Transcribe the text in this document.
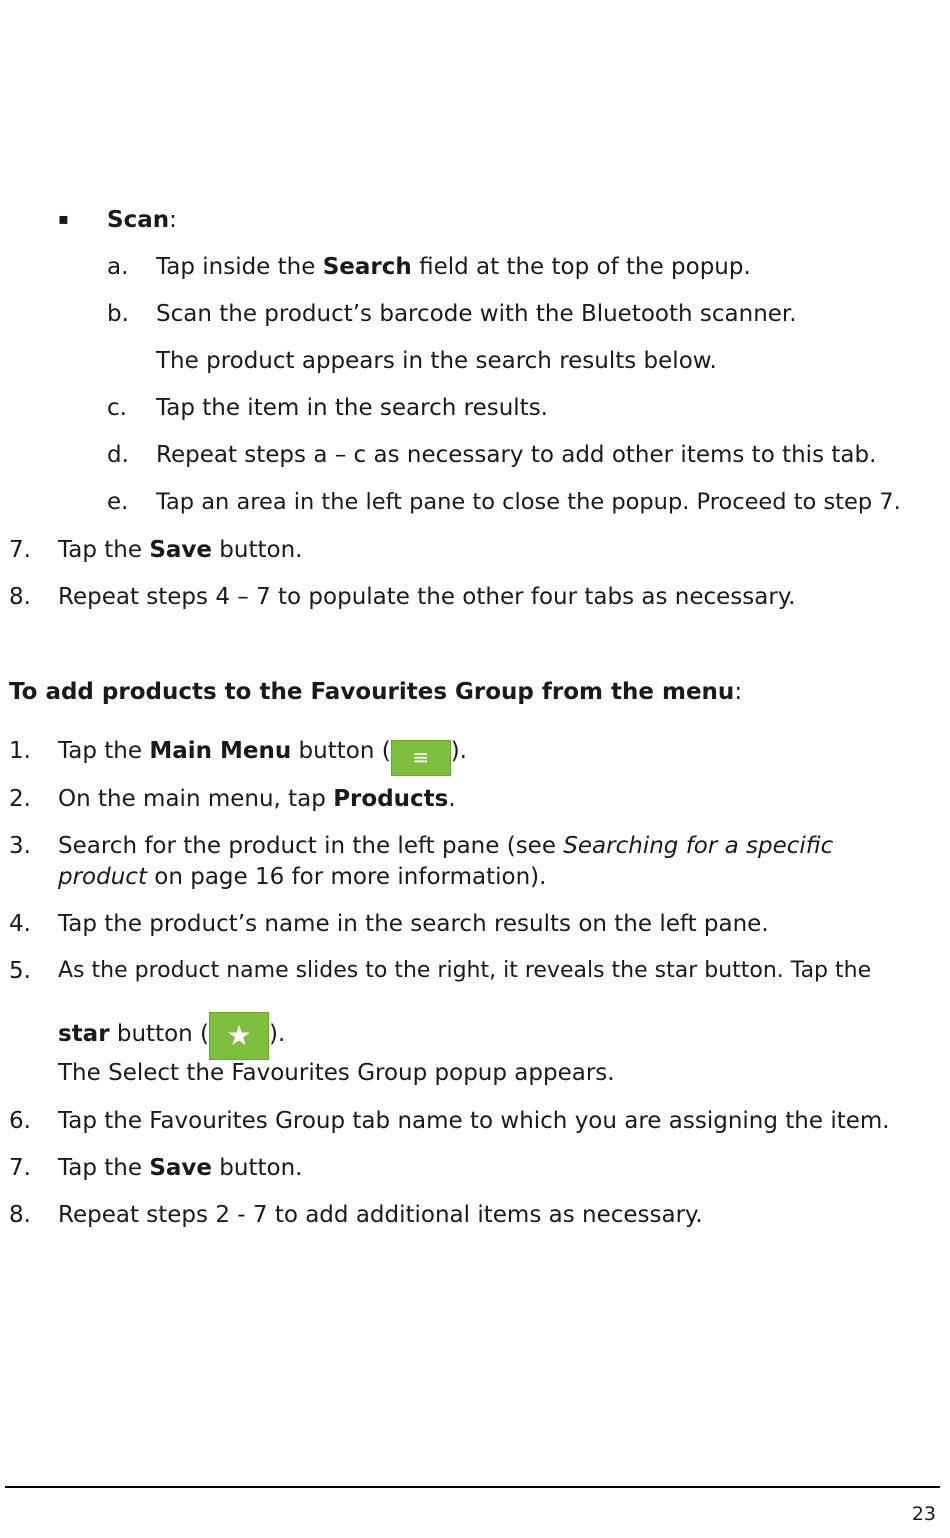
▪ Scan:
a. Tap inside the Search field at the top of the popup.
b. Scan the product’s barcode with the Bluetooth scanner.
The product appears in the search results below.
c. Tap the item in the search results.
d. Repeat steps a – c as necessary to add other items to this tab.
e. Tap an area in the left pane to close the popup. Proceed to step 7.
7. Tap the Save button.
8. Repeat steps 4 – 7 to populate the other four tabs as necessary.
To add products to the Favourites Group from the menu:
1. Tap the Main Menu button ( ≡ ).
2. On the main menu, tap Products.
3. Search for the product in the left pane (see Searching for a specific
product on page 16 for more information).
4. Tap the product’s name in the search results on the left pane.
5. As the product name slides to the right, it reveals the star button. Tap the
star button ( ★ ).
The Select the Favourites Group popup appears.
6. Tap the Favourites Group tab name to which you are assigning the item.
7. Tap the Save button.
8. Repeat steps 2 - 7 to add additional items as necessary.
23
